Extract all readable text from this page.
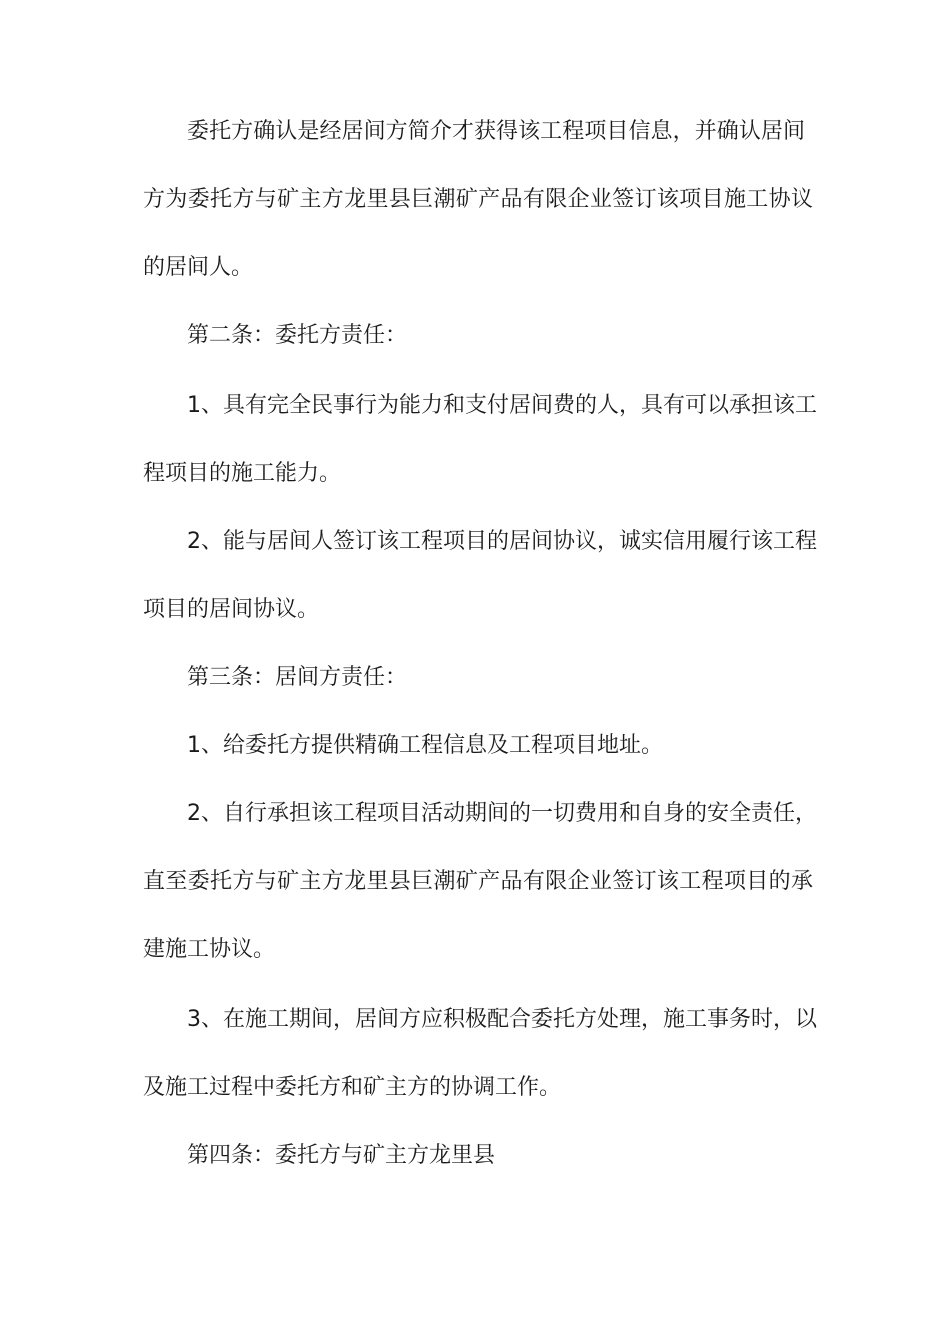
委托方确认是经居间方简介才获得该工程项目信息，并确认居间
方为委托方与矿主方龙里县巨潮矿产品有限企业签订该项目施工协议
的居间人。
第二条：委托方责任：
1、具有完全民事行为能力和支付居间费的人，具有可以承担该工
程项目的施工能力。
2、能与居间人签订该工程项目的居间协议，诚实信用履行该工程
项目的居间协议。
第三条：居间方责任：
1、给委托方提供精确工程信息及工程项目地址。
2、自行承担该工程项目活动期间的一切费用和自身的安全责任，
直至委托方与矿主方龙里县巨潮矿产品有限企业签订该工程项目的承
建施工协议。
3、在施工期间，居间方应积极配合委托方处理，施工事务时，以
及施工过程中委托方和矿主方的协调工作。
第四条：委托方与矿主方龙里县
